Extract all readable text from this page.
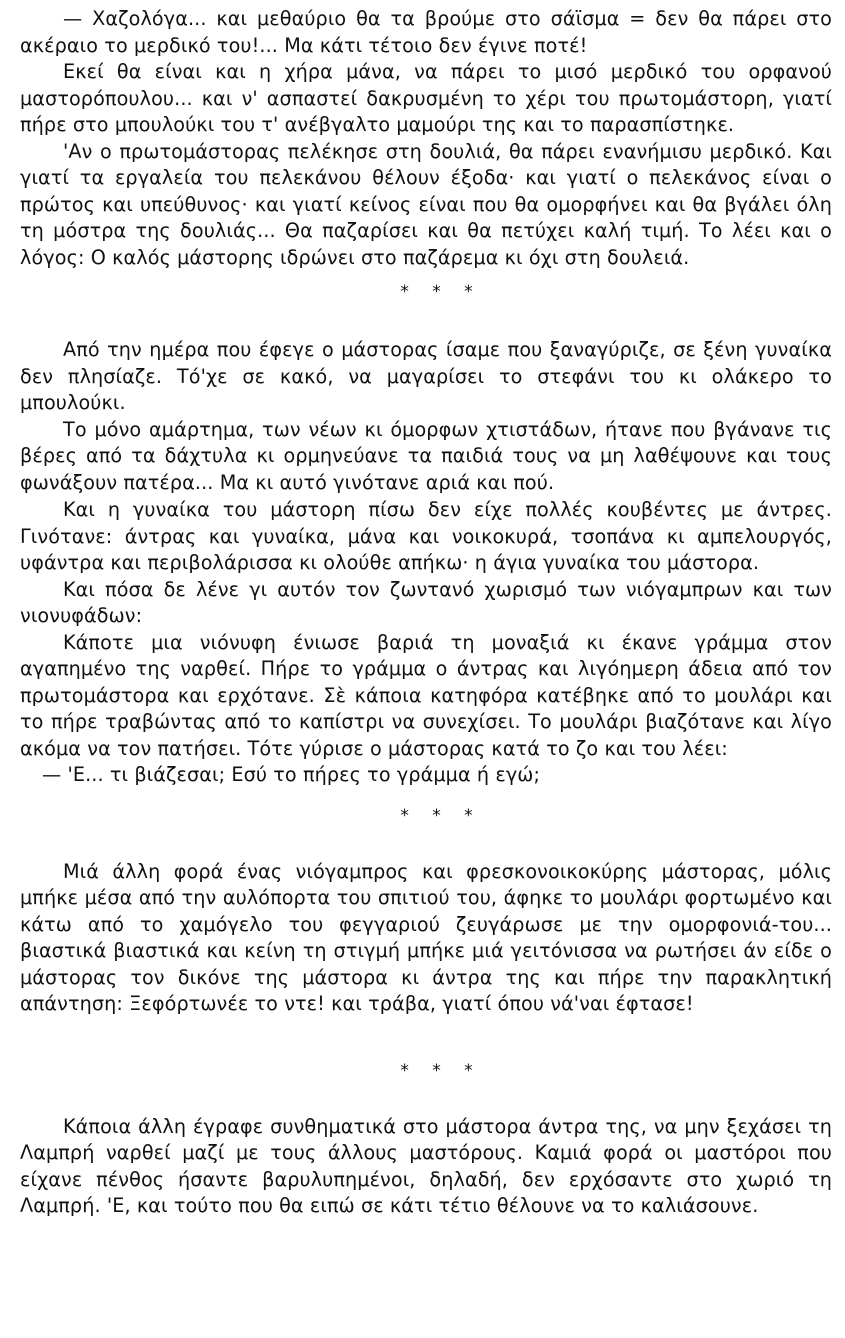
— Χαζολόγα... και μεθαύριο θα τα βρούμε στο σάϊσμα = δεν θα πάρει στο ακέραιο το μερδικό του!... Μα κάτι τέτοιο δεν έγινε ποτέ!

Εκεί θα είναι και η χήρα μάνα, να πάρει το μισό μερδικό του ορφανού μαστορόπουλου... και ν' ασπαστεί δακρυσμένη το χέρι του πρωτομάστορη, γιατί πήρε στο μπουλούκι του τ' ανέβγαλτο μαμούρι της και το παρασπίστηκε.

'Αν ο πρωτομάστορας πελέκησε στη δουλιά, θα πάρει ενανήμισυ μερδικό. Και γιατί τα εργαλεία του πελεκάνου θέλουν έξοδα· και γιατί ο πελεκάνος είναι ο πρώτος και υπεύθυνος· και γιατί κείνος είναι που θα ομορφήνει και θα βγάλει όλη τη μόστρα της δουλιάς... Θα παζαρίσει και θα πετύχει καλή τιμή. Το λέει και ο λόγος: Ο καλός μάστορης ιδρώνει στο παζάρεμα κι όχι στη δουλειά.

* * *

Από την ημέρα που έφεγε ο μάστορας ίσαμε που ξαναγύριζε, σε ξένη γυναίκα δεν πλησίαζε. Τό'χε σε κακό, να μαγαρίσει το στεφάνι του κι ολάκερο το μπουλούκι.

Το μόνο αμάρτημα, των νέων κι όμορφων χτιστάδων, ήτανε που βγάνανε τις βέρες από τα δάχτυλα κι ορμηνεύανε τα παιδιά τους να μη λαθέψουνε και τους φωνάξουν πατέρα... Μα κι αυτό γινότανε αριά και πού.

Και η γυναίκα του μάστορη πίσω δεν είχε πολλές κουβέντες με άντρες. Γινότανε: άντρας και γυναίκα, μάνα και νοικοκυρά, τσοπάνα κι αμπελουργός, υφάντρα και περιβολάρισσα κι ολούθε απήκω· η άγια γυναίκα του μάστορα.

Και πόσα δε λένε γι αυτόν τον ζωντανό χωρισμό των νιόγαμπρων και των νιονυφάδων:

Κάποτε μια νιόνυφη ένιωσε βαριά τη μοναξιά κι έκανε γράμμα στον αγαπημένο της ναρθεί. Πήρε το γράμμα ο άντρας και λιγόημερη άδεια από τον πρωτομάστορα και ερχότανε. Σὲ κάποια κατηφόρα κατέβηκε από το μουλάρι και το πήρε τραβώντας από το καπίστρι να συνεχίσει. Το μουλάρι βιαζότανε και λίγο ακόμα να τον πατήσει. Τότε γύρισε ο μάστορας κατά το ζο και του λέει:

— 'Ε... τι βιάζεσαι; Εσύ το πήρες το γράμμα ή εγώ;

* * *

Μιά άλλη φορά ένας νιόγαμπρος και φρεσκονοικοκύρης μάστορας, μόλις μπήκε μέσα από την αυλόπορτα του σπιτιού του, άφηκε το μουλάρι φορτωμένο και κάτω από το χαμόγελο του φεγγαριού ζευγάρωσε με την ομορφονιά-του... βιαστικά βιαστικά και κείνη τη στιγμή μπήκε μιά γειτόνισσα να ρωτήσει άν είδε ο μάστορας τον δικόνε της μάστορα κι άντρα της και πήρε την παρακλητική απάντηση: Ξεφόρτωνέε το ντε! και τράβα, γιατί όπου νά'ναι έφτασε!

* * *

Κάποια άλλη έγραφε συνθηματικά στο μάστορα άντρα της, να μην ξεχάσει τη Λαμπρή ναρθεί μαζί με τους άλλους μαστόρους. Καμιά φορά οι μαστόροι που είχανε πένθος ήσαντε βαρυλυπημένοι, δηλαδή, δεν ερχόσαντε στο χωριό τη Λαμπρή. 'Ε, και τούτο που θα ειπώ σε κάτι τέτιο θέλουνε να το καλιάσουνε.
